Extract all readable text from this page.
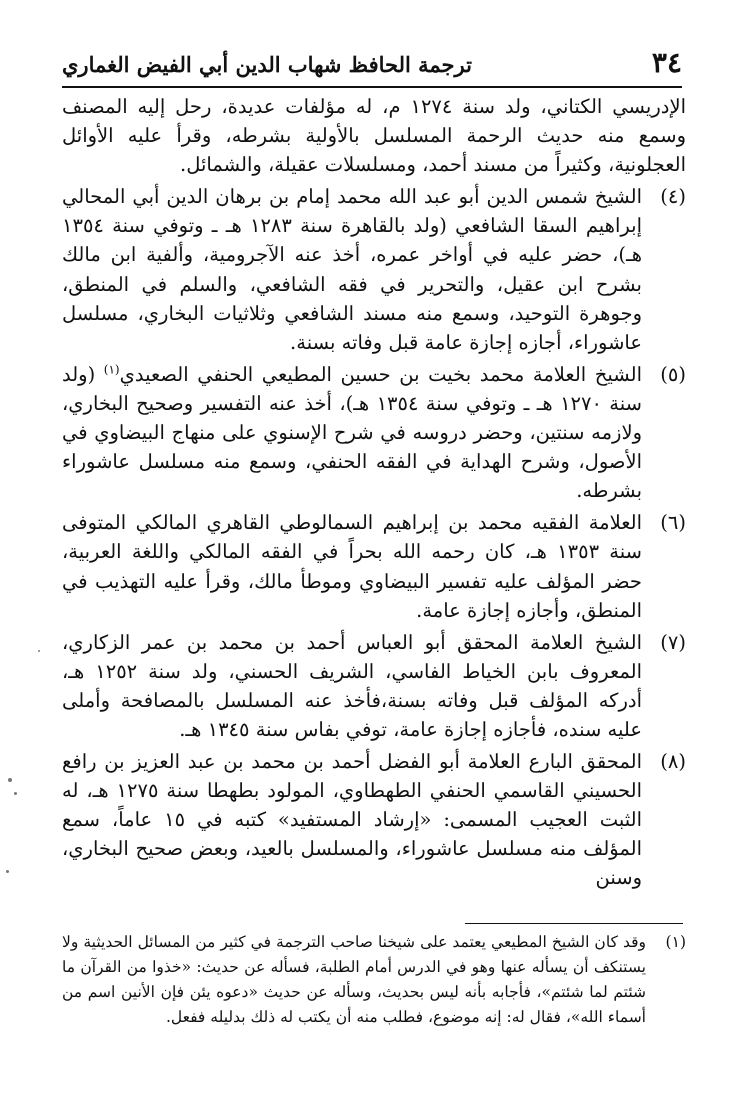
٣٤
ترجمة الحافظ شهاب الدين أبي الفيض الغماري

الإدريسي الكتاني، ولد سنة ١٢٧٤ م، له مؤلفات عديدة، رحل إليه المصنف وسمع منه حديث الرحمة المسلسل بالأولية بشرطه، وقرأ عليه الأوائل العجلونية، وكثيراً من مسند أحمد، ومسلسلات عقيلة، والشمائل.

(٤)

الشيخ شمس الدين أبو عبد الله محمد إمام بن برهان الدين أبي المحالي إبراهيم السقا الشافعي (ولد بالقاهرة سنة ١٢٨٣ هـ ـ وتوفي سنة ١٣٥٤ هـ)، حضر عليه في أواخر عمره، أخذ عنه الآجرومية، وألفية ابن مالك بشرح ابن عقيل، والتحرير في فقه الشافعي، والسلم في المنطق، وجوهرة التوحيد، وسمع منه مسند الشافعي وثلاثيات البخاري، مسلسل عاشوراء، أجازه إجازة عامة قبل وفاته بسنة.

(٥)

الشيخ العلامة محمد بخيت بن حسين المطيعي الحنفي الصعيدي$^{(١)}$ (ولد سنة ١٢٧٠ هـ ـ وتوفي سنة ١٣٥٤ هـ)، أخذ عنه التفسير وصحيح البخاري، ولازمه سنتين، وحضر دروسه في شرح الإسنوي على منهاج البيضاوي في الأصول، وشرح الهداية في الفقه الحنفي، وسمع منه مسلسل عاشوراء بشرطه.

(٦)

العلامة الفقيه محمد بن إبراهيم السمالوطي القاهري المالكي المتوفى سنة ١٣٥٣ هـ، كان رحمه الله بحراً في الفقه المالكي واللغة العربية، حضر المؤلف عليه تفسير البيضاوي وموطأ مالك، وقرأ عليه التهذيب في المنطق، وأجازه إجازة عامة.

(٧)

الشيخ العلامة المحقق أبو العباس أحمد بن محمد بن عمر الزكاري، المعروف بابن الخياط الفاسي، الشريف الحسني، ولد سنة ١٢٥٢ هـ، أدركه المؤلف قبل وفاته بسنة،فأخذ عنه المسلسل بالمصافحة وأملى عليه سنده، فأجازه إجازة عامة، توفي بفاس سنة ١٣٤٥ هـ.

(٨)

المحقق البارع العلامة أبو الفضل أحمد بن محمد بن عبد العزيز بن رافع الحسيني القاسمي الحنفي الطهطاوي، المولود بطهطا سنة ١٢٧٥ هـ، له الثبت العجيب المسمى: «إرشاد المستفيد» كتبه في ١٥ عاماً، سمع المؤلف منه مسلسل عاشوراء، والمسلسل بالعيد، وبعض صحيح البخاري، وسنن

(١)

وقد كان الشيخ المطيعي يعتمد على شيخنا صاحب الترجمة في كثير من المسائل الحديثية ولا يستنكف أن يسأله عنها وهو في الدرس أمام الطلبة، فسأله عن حديث: «خذوا من القرآن ما شئتم لما شئتم»، فأجابه بأنه ليس بحديث، وسأله عن حديث «دعوه يئن فإن الأنين اسم من أسماء الله»، فقال له: إنه موضوع، فطلب منه أن يكتب له ذلك بدليله ففعل.
